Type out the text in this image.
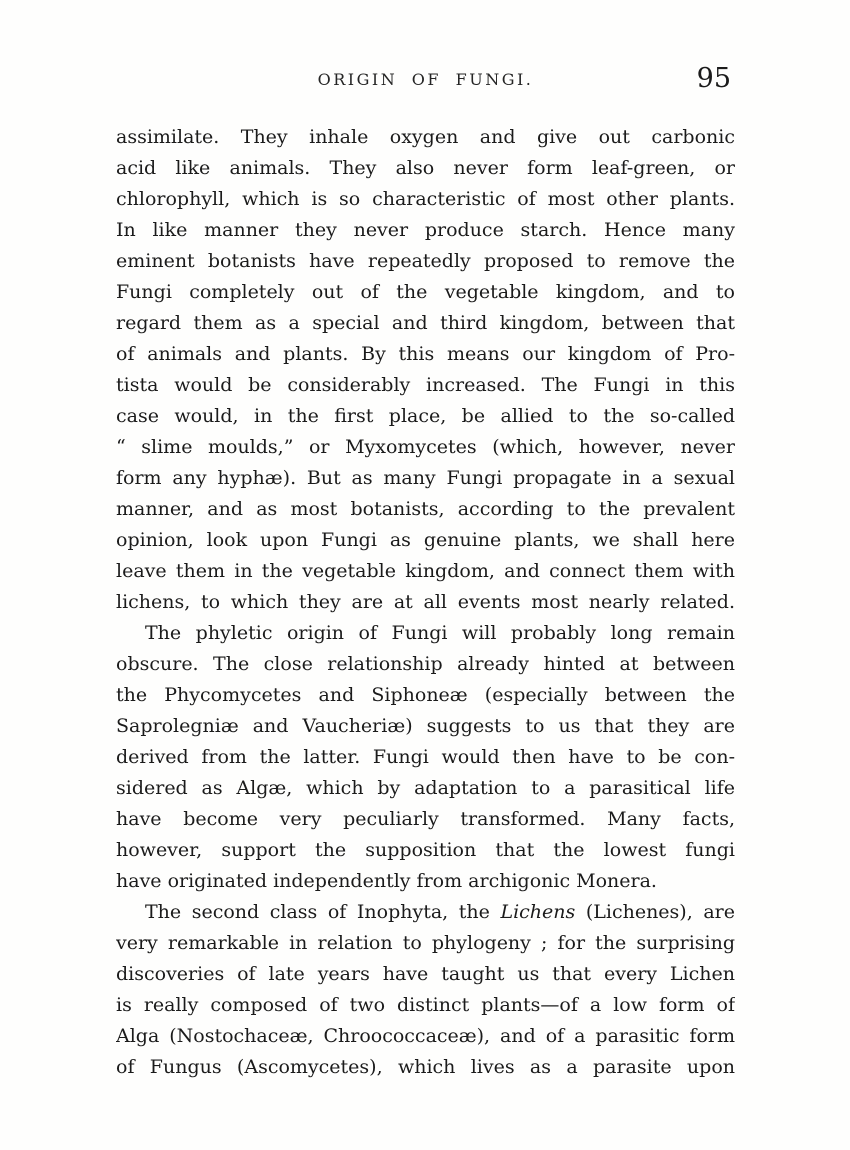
ORIGIN OF FUNGI.	95
assimilate. They inhale oxygen and give out carbonic
acid like animals. They also never form leaf-green, or
chlorophyll, which is so characteristic of most other plants.
In like manner they never produce starch. Hence many
eminent botanists have repeatedly proposed to remove the
Fungi completely out of the vegetable kingdom, and to
regard them as a special and third kingdom, between that
of animals and plants. By this means our kingdom of Pro-
tista would be considerably increased. The Fungi in this
case would, in the first place, be allied to the so-called
“ slime moulds,” or Myxomycetes (which, however, never
form any hyphæ). But as many Fungi propagate in a sexual
manner, and as most botanists, according to the prevalent
opinion, look upon Fungi as genuine plants, we shall here
leave them in the vegetable kingdom, and connect them with
lichens, to which they are at all events most nearly related.
The phyletic origin of Fungi will probably long remain
obscure. The close relationship already hinted at between
the Phycomycetes and Siphoneæ (especially between the
Saprolegniæ and Vaucheriæ) suggests to us that they are
derived from the latter. Fungi would then have to be con-
sidered as Algæ, which by adaptation to a parasitical life
have become very peculiarly transformed. Many facts,
however, support the supposition that the lowest fungi
have originated independently from archigonic Monera.
The second class of Inophyta, the Lichens (Lichenes), are
very remarkable in relation to phylogeny ; for the surprising
discoveries of late years have taught us that every Lichen
is really composed of two distinct plants—of a low form of
Alga (Nostochaceæ, Chroococcaceæ), and of a parasitic form
of Fungus (Ascomycetes), which lives as a parasite upon
